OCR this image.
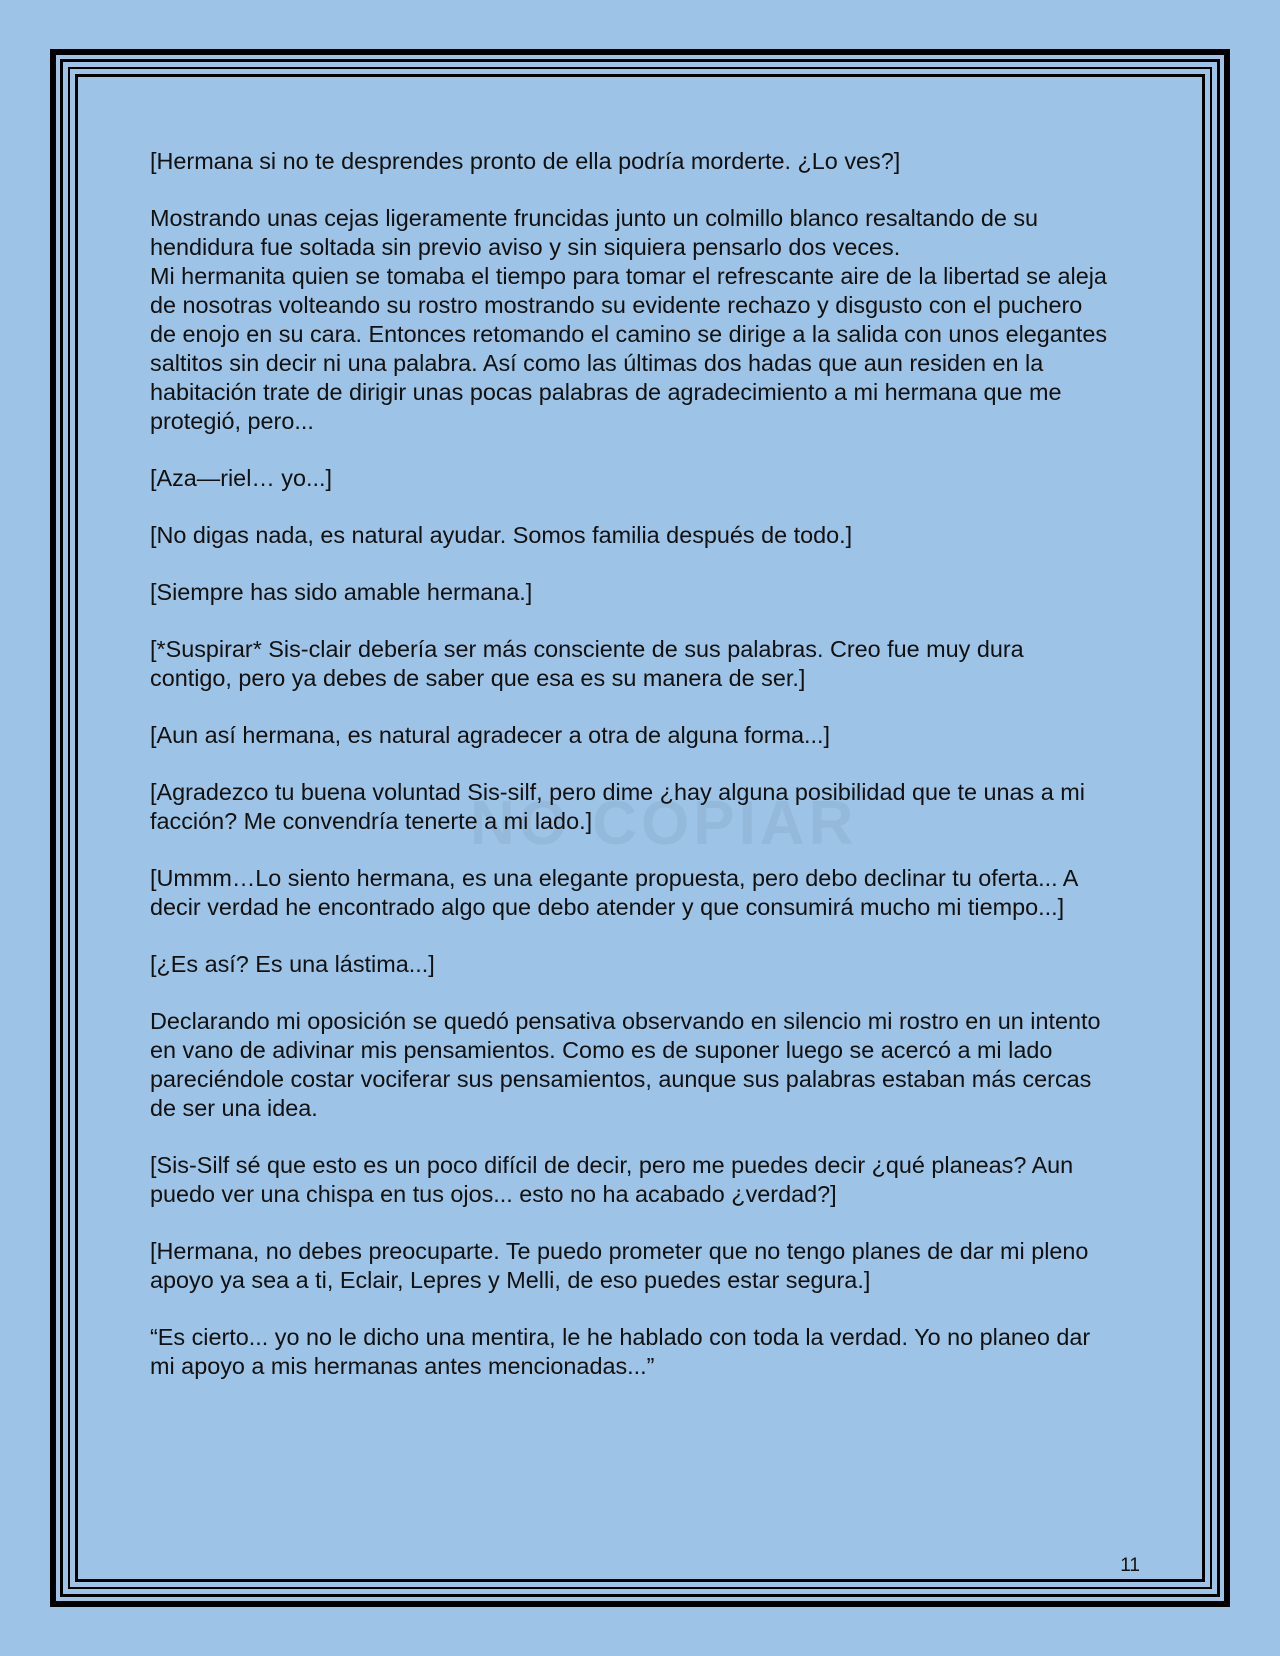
[Hermana si no te desprendes pronto de ella podría morderte. ¿Lo ves?]

Mostrando unas cejas ligeramente fruncidas junto un colmillo blanco resaltando de su hendidura fue soltada sin previo aviso y sin siquiera pensarlo dos veces.
Mi hermanita quien se tomaba el tiempo para tomar el refrescante aire de la libertad se aleja de nosotras volteando su rostro mostrando su evidente rechazo y disgusto con el puchero de enojo en su cara. Entonces retomando el camino se dirige a la salida con unos elegantes saltitos sin decir ni una palabra. Así como las últimas dos hadas que aun residen en la habitación trate de dirigir unas pocas palabras de agradecimiento a mi hermana que me protegió, pero...

[Aza—riel… yo...]

[No digas nada, es natural ayudar. Somos familia después de todo.]

[Siempre has sido amable hermana.]

[*Suspirar* Sis-clair debería ser más consciente de sus palabras. Creo fue muy dura contigo, pero ya debes de saber que esa es su manera de ser.]

[Aun así hermana, es natural agradecer a otra de alguna forma...]

[Agradezco tu buena voluntad Sis-silf, pero dime ¿hay alguna posibilidad que te unas a mi facción? Me convendría tenerte a mi lado.]

[Ummm…Lo siento hermana, es una elegante propuesta, pero debo declinar tu oferta... A decir verdad he encontrado algo que debo atender y que consumirá mucho mi tiempo...]

[¿Es así? Es una lástima...]

Declarando mi oposición se quedó pensativa observando en silencio mi rostro en un intento en vano de adivinar mis pensamientos. Como es de suponer luego se acercó a mi lado pareciéndole costar vociferar sus pensamientos, aunque sus palabras estaban más cercas de ser una idea.

[Sis-Silf sé que esto es un poco difícil de decir, pero me puedes decir ¿qué planeas? Aun puedo ver una chispa en tus ojos... esto no ha acabado ¿verdad?]

[Hermana, no debes preocuparte. Te puedo prometer que no tengo planes de dar mi pleno apoyo ya sea a ti, Eclair, Lepres y Melli, de eso puedes estar segura.]

“Es cierto... yo no le dicho una mentira, le he hablado con toda la verdad. Yo no planeo dar mi apoyo a mis hermanas antes mencionadas...”

11
